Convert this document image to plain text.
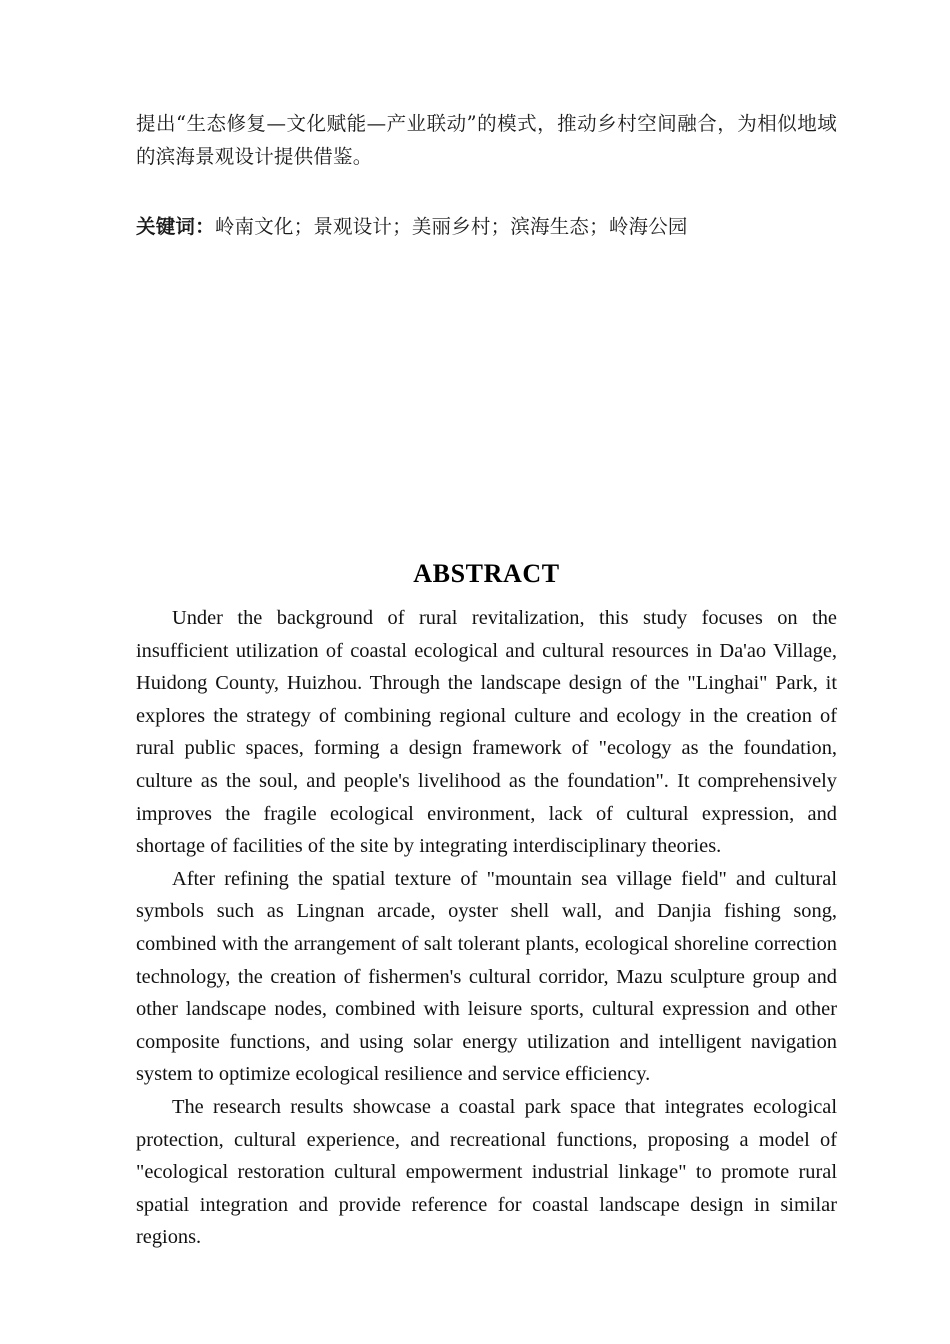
提出“生态修复—文化赋能—产业联动”的模式，推动乡村空间融合，为相似地域的滨海景观设计提供借鉴。

关键词：岭南文化；景观设计；美丽乡村；滨海生态；岭海公园

ABSTRACT

Under the background of rural revitalization, this study focuses on the insufficient utilization of coastal ecological and cultural resources in Da'ao Village, Huidong County, Huizhou. Through the landscape design of the "Linghai" Park, it explores the strategy of combining regional culture and ecology in the creation of rural public spaces, forming a design framework of "ecology as the foundation, culture as the soul, and people's livelihood as the foundation". It comprehensively improves the fragile ecological environment, lack of cultural expression, and shortage of facilities of the site by integrating interdisciplinary theories.

After refining the spatial texture of "mountain sea village field" and cultural symbols such as Lingnan arcade, oyster shell wall, and Danjia fishing song, combined with the arrangement of salt tolerant plants, ecological shoreline correction technology, the creation of fishermen's cultural corridor, Mazu sculpture group and other landscape nodes, combined with leisure sports, cultural expression and other composite functions, and using solar energy utilization and intelligent navigation system to optimize ecological resilience and service efficiency.

The research results showcase a coastal park space that integrates ecological protection, cultural experience, and recreational functions, proposing a model of "ecological restoration cultural empowerment industrial linkage" to promote rural spatial integration and provide reference for coastal landscape design in similar regions.
